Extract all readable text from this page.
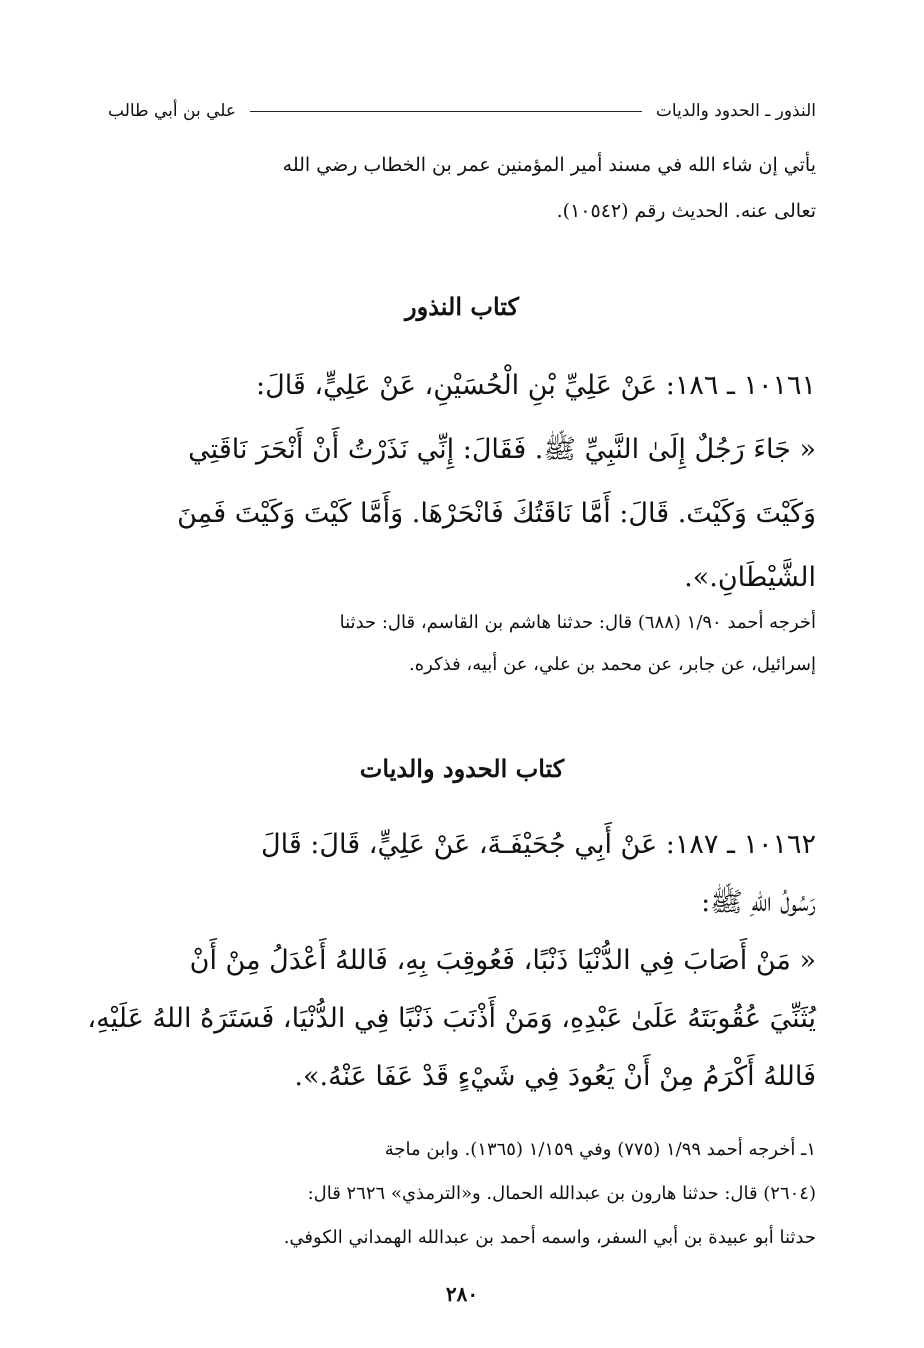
النذور ـ الحدود والديات
علي بن أبي طالب
يأتي إن شاء الله في مسند أمير المؤمنين عمر بن الخطاب رضي الله
تعالى عنه. الحديث رقم (١٠٥٤٢).
كتاب النذور
١٠١٦١ ـ ١٨٦: عَنْ عَلِيِّ بْنِ الْحُسَيْنِ، عَنْ عَلِيٍّ، قَالَ:
« جَاءَ رَجُلٌ إِلَىٰ النَّبِيِّ ﷺ. فَقَالَ: إِنِّي نَذَرْتُ أَنْ أَنْحَرَ نَاقَتِي
وَكَيْتَ وَكَيْتَ. قَالَ: أَمَّا نَاقَتُكَ فَانْحَرْهَا. وَأَمَّا كَيْتَ وَكَيْتَ فَمِنَ
الشَّيْطَانِ.».
أخرجه أحمد ١/٩٠ (٦٨٨) قال: حدثنا هاشم بن القاسم، قال: حدثنا
إسرائيل، عن جابر، عن محمد بن علي، عن أبيه، فذكره.
كتاب الحدود والديات
١٠١٦٢ ـ ١٨٧: عَنْ أَبِي جُحَيْفَـةَ، عَنْ عَلِيٍّ، قَالَ: قَالَ
رَسُولُ اللهِ ﷺ:
« مَنْ أَصَابَ فِي الدُّنْيَا ذَنْبًا، فَعُوقِبَ بِهِ، فَاللهُ أَعْدَلُ مِنْ أَنْ
يُثَنِّيَ عُقُوبَتَهُ عَلَىٰ عَبْدِهِ، وَمَنْ أَذْنَبَ ذَنْبًا فِي الدُّنْيَا، فَسَتَرَهُ اللهُ عَلَيْهِ،
فَاللهُ أَكْرَمُ مِنْ أَنْ يَعُودَ فِي شَيْءٍ قَدْ عَفَا عَنْهُ.».
١ـ أخرجه أحمد ١/٩٩ (٧٧٥) وفي ١/١٥٩ (١٣٦٥). وابن ماجة
(٢٦٠٤) قال: حدثنا هارون بن عبدالله الحمال. و«الترمذي» ٢٦٢٦ قال:
حدثنا أبو عبيدة بن أبي السفر، واسمه أحمد بن عبدالله الهمداني الكوفي.
٢٨٠
